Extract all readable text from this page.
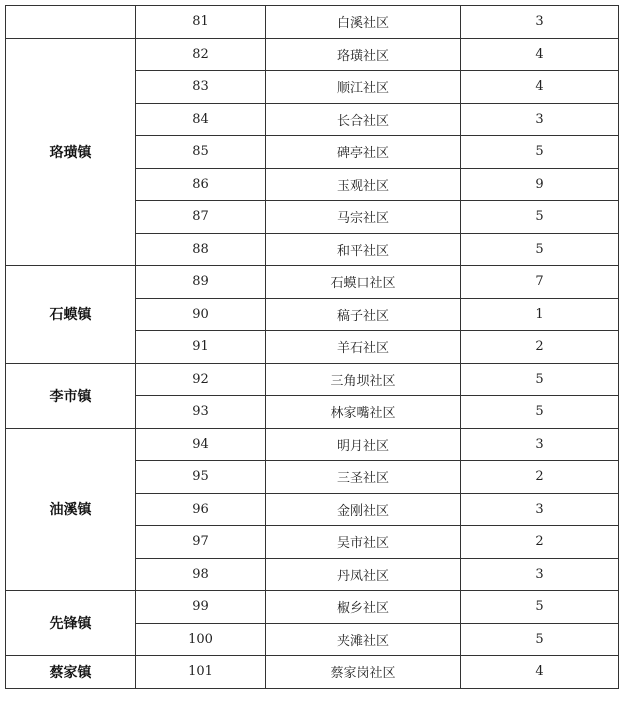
	81	白溪社区	3
珞璜镇	82	珞璜社区	4
	83	顺江社区	4
	84	长合社区	3
	85	碑亭社区	5
	86	玉观社区	9
	87	马宗社区	5
	88	和平社区	5
石蟆镇	89	石蟆口社区	7
	90	稿子社区	1
	91	羊石社区	2
李市镇	92	三角坝社区	5
	93	林家嘴社区	5
油溪镇	94	明月社区	3
	95	三圣社区	2
	96	金刚社区	3
	97	吴市社区	2
	98	丹凤社区	3
先锋镇	99	椒乡社区	5
	100	夹滩社区	5
蔡家镇	101	蔡家岗社区	4
